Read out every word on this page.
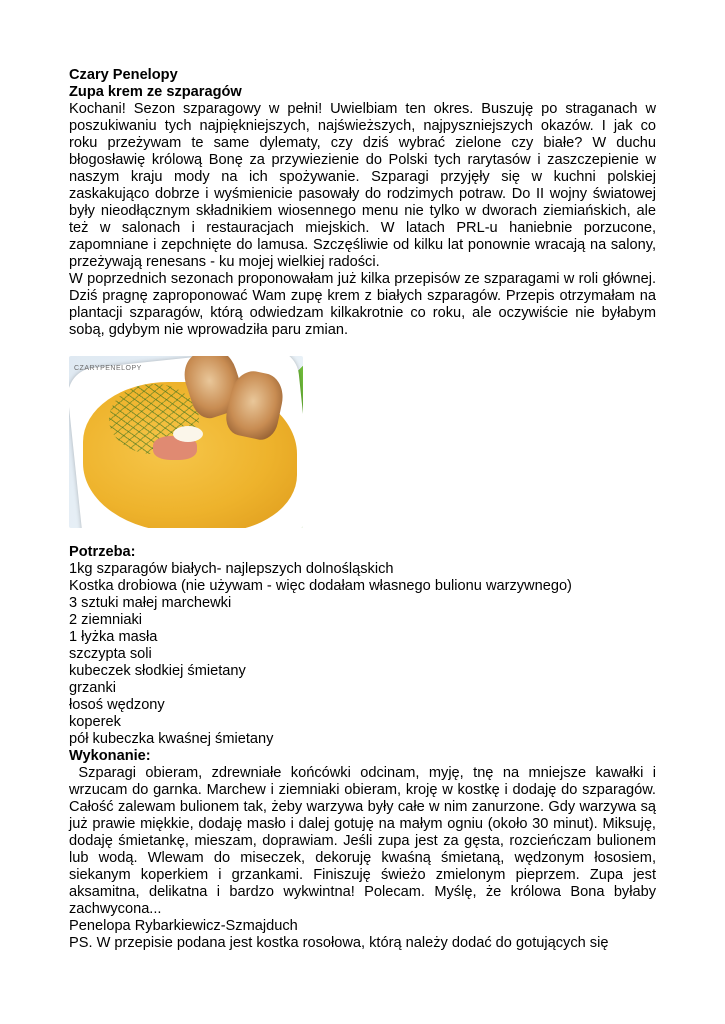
Czary Penelopy

Zupa krem ze szparagów

Kochani! Sezon szparagowy w pełni! Uwielbiam ten okres. Buszuję po straganach w poszukiwaniu tych najpiękniejszych, najświeższych, najpyszniejszych okazów. I jak co roku przeżywam te same dylematy, czy dziś wybrać zielone czy białe? W duchu błogosławię królową Bonę za przywiezienie do Polski tych rarytasów i zaszczepienie w naszym kraju mody na ich spożywanie. Szparagi przyjęły się w kuchni polskiej zaskakująco dobrze i wyśmienicie pasowały do rodzimych potraw. Do II wojny światowej były nieodłącznym składnikiem wiosennego menu nie tylko w dworach ziemiańskich, ale też w salonach i restauracjach miejskich. W latach PRL-u haniebnie porzucone, zapomniane i zepchnięte do lamusa. Szczęśliwie od kilku lat ponownie wracają na salony, przeżywają renesans - ku mojej wielkiej radości.

W poprzednich sezonach proponowałam już kilka przepisów ze szparagami w roli głównej. Dziś pragnę zaproponować Wam zupę krem z białych szparagów. Przepis otrzymałam na plantacji szparagów, którą odwiedzam kilkakrotnie co roku, ale oczywiście nie byłabym sobą, gdybym nie wprowadziła paru zmian.

CZARYPENELOPY

Potrzeba:

1kg szparagów białych- najlepszych dolnośląskich

Kostka drobiowa (nie używam - więc dodałam własnego bulionu warzywnego)

3 sztuki małej marchewki

2 ziemniaki

1 łyżka masła

szczypta soli

kubeczek słodkiej śmietany

grzanki

łosoś wędzony

koperek

pół kubeczka kwaśnej śmietany

Wykonanie:

Szparagi obieram, zdrewniałe końcówki odcinam, myję, tnę na mniejsze kawałki i wrzucam do garnka. Marchew i ziemniaki obieram, kroję w kostkę i dodaję do szparagów. Całość zalewam bulionem tak, żeby warzywa były całe w nim zanurzone. Gdy warzywa są już prawie miękkie, dodaję masło i dalej gotuję na małym ogniu (około 30 minut). Miksuję, dodaję śmietankę, mieszam, doprawiam. Jeśli zupa jest za gęsta, rozcieńczam bulionem lub wodą. Wlewam do miseczek, dekoruję kwaśną śmietaną, wędzonym łososiem, siekanym koperkiem i grzankami. Finiszuję świeżo zmielonym pieprzem. Zupa jest aksamitna, delikatna i bardzo wykwintna! Polecam. Myślę, że królowa Bona byłaby zachwycona...

Penelopa Rybarkiewicz-Szmajduch

PS. W przepisie podana jest kostka rosołowa, którą należy dodać do gotujących się
